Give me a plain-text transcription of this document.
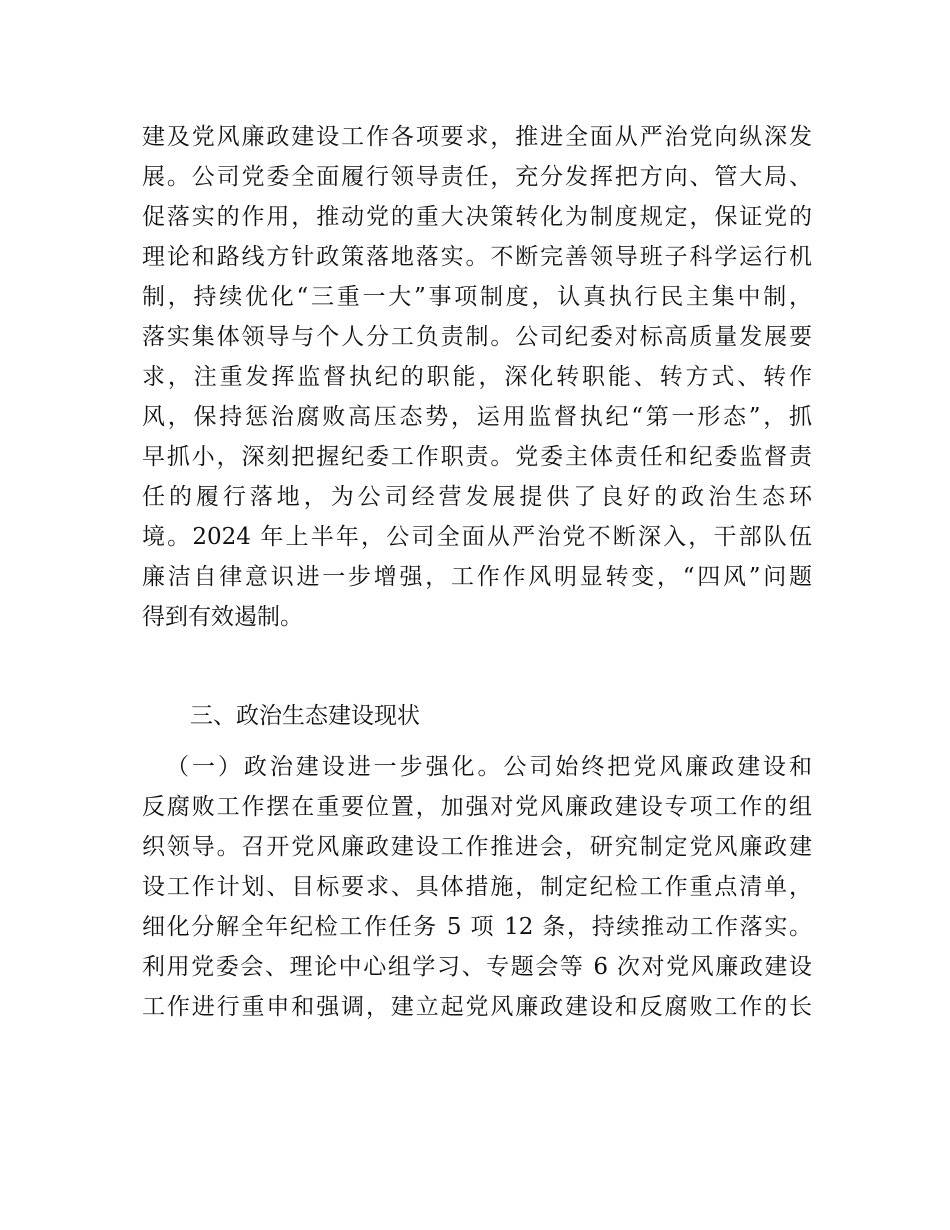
建及党风廉政建设工作各项要求，推进全面从严治党向纵深发
展。公司党委全面履行领导责任，充分发挥把方向、管大局、
促落实的作用，推动党的重大决策转化为制度规定，保证党的
理论和路线方针政策落地落实。不断完善领导班子科学运行机
制，持续优化“三重一大”事项制度，认真执行民主集中制，
落实集体领导与个人分工负责制。公司纪委对标高质量发展要
求，注重发挥监督执纪的职能，深化转职能、转方式、转作
风，保持惩治腐败高压态势，运用监督执纪“第一形态”，抓
早抓小，深刻把握纪委工作职责。党委主体责任和纪委监督责
任的履行落地，为公司经营发展提供了良好的政治生态环
境。2024 年上半年，公司全面从严治党不断深入，干部队伍
廉洁自律意识进一步增强，工作作风明显转变，“四风”问题
得到有效遏制。
三、政治生态建设现状
（一）政治建设进一步强化。公司始终把党风廉政建设和
反腐败工作摆在重要位置，加强对党风廉政建设专项工作的组
织领导。召开党风廉政建设工作推进会，研究制定党风廉政建
设工作计划、目标要求、具体措施，制定纪检工作重点清单，
细化分解全年纪检工作任务 5 项 12 条，持续推动工作落实。
利用党委会、理论中心组学习、专题会等 6 次对党风廉政建设
工作进行重申和强调，建立起党风廉政建设和反腐败工作的长
